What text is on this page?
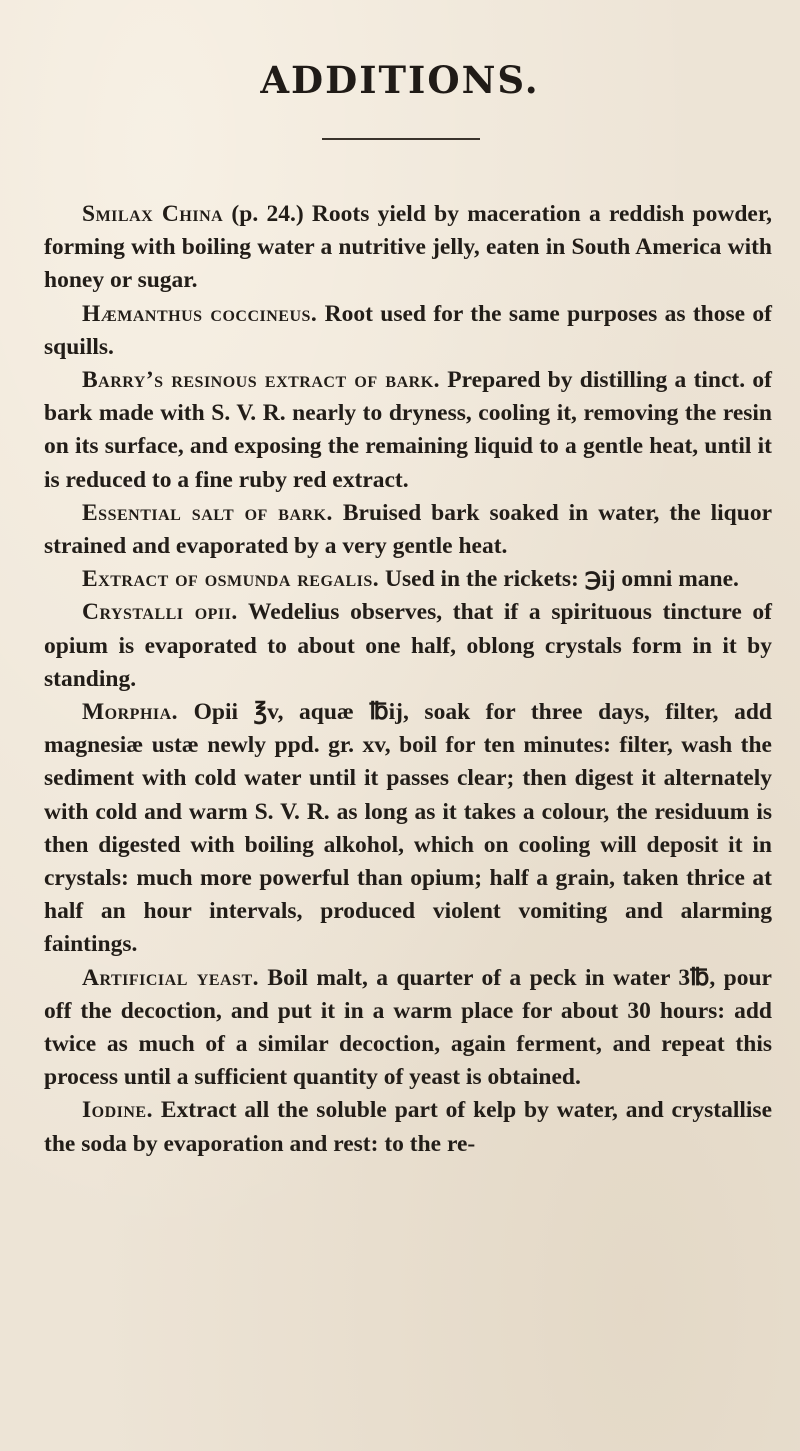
ADDITIONS.

Smilax China (p. 24.) Roots yield by maceration a reddish powder, forming with boiling water a nutritive jelly, eaten in South America with honey or sugar.

Hæmanthus coccineus. Root used for the same purposes as those of squills.

Barry’s resinous extract of bark. Prepared by distilling a tinct. of bark made with S. V. R. nearly to dryness, cooling it, removing the resin on its surface, and exposing the remaining liquid to a gentle heat, until it is reduced to a fine ruby red extract.

Essential salt of bark. Bruised bark soaked in water, the liquor strained and evaporated by a very gentle heat.

Extract of osmunda regalis. Used in the rickets: ℈ij omni mane.

Crystalli opii. Wedelius observes, that if a spirituous tincture of opium is evaporated to about one half, oblong crystals form in it by standing.

Morphia. Opii ℥v, aquæ ℔ij, soak for three days, filter, add magnesiæ ustæ newly ppd. gr. xv, boil for ten minutes: filter, wash the sediment with cold water until it passes clear; then digest it alternately with cold and warm S. V. R. as long as it takes a colour, the residuum is then digested with boiling alkohol, which on cooling will deposit it in crystals: much more powerful than opium; half a grain, taken thrice at half an hour intervals, produced violent vomiting and alarming faintings.

Artificial yeast. Boil malt, a quarter of a peck in water 3℔, pour off the decoction, and put it in a warm place for about 30 hours: add twice as much of a similar decoction, again ferment, and repeat this process until a sufficient quantity of yeast is obtained.

Iodine. Extract all the soluble part of kelp by water, and crystallise the soda by evaporation and rest: to the re-
